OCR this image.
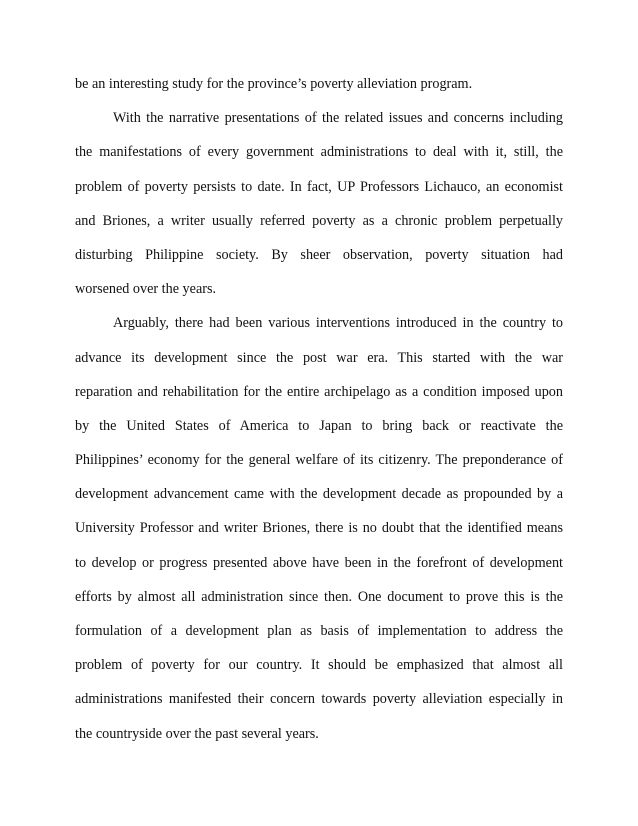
be an interesting study for the province’s poverty alleviation program.
With the narrative presentations of the related issues and concerns including
the manifestations of every government administrations to deal with it, still, the
problem of poverty persists to date. In fact, UP Professors Lichauco, an economist
and Briones, a writer usually referred poverty as a chronic problem perpetually
disturbing Philippine society. By sheer observation, poverty situation had
worsened over the years.
Arguably, there had been various interventions introduced in the country to
advance its development since the post war era. This started with the war
reparation and rehabilitation for the entire archipelago as a condition imposed upon
by the United States of America to Japan to bring back or reactivate the
Philippines’ economy for the general welfare of its citizenry. The preponderance of
development advancement came with the development decade as propounded by a
University Professor and writer Briones, there is no doubt that the identified means
to develop or progress presented above have been in the forefront of development
efforts by almost all administration since then. One document to prove this is the
formulation of a development plan as basis of implementation to address the
problem of poverty for our country. It should be emphasized that almost all
administrations manifested their concern towards poverty alleviation especially in
the countryside over the past several years.
